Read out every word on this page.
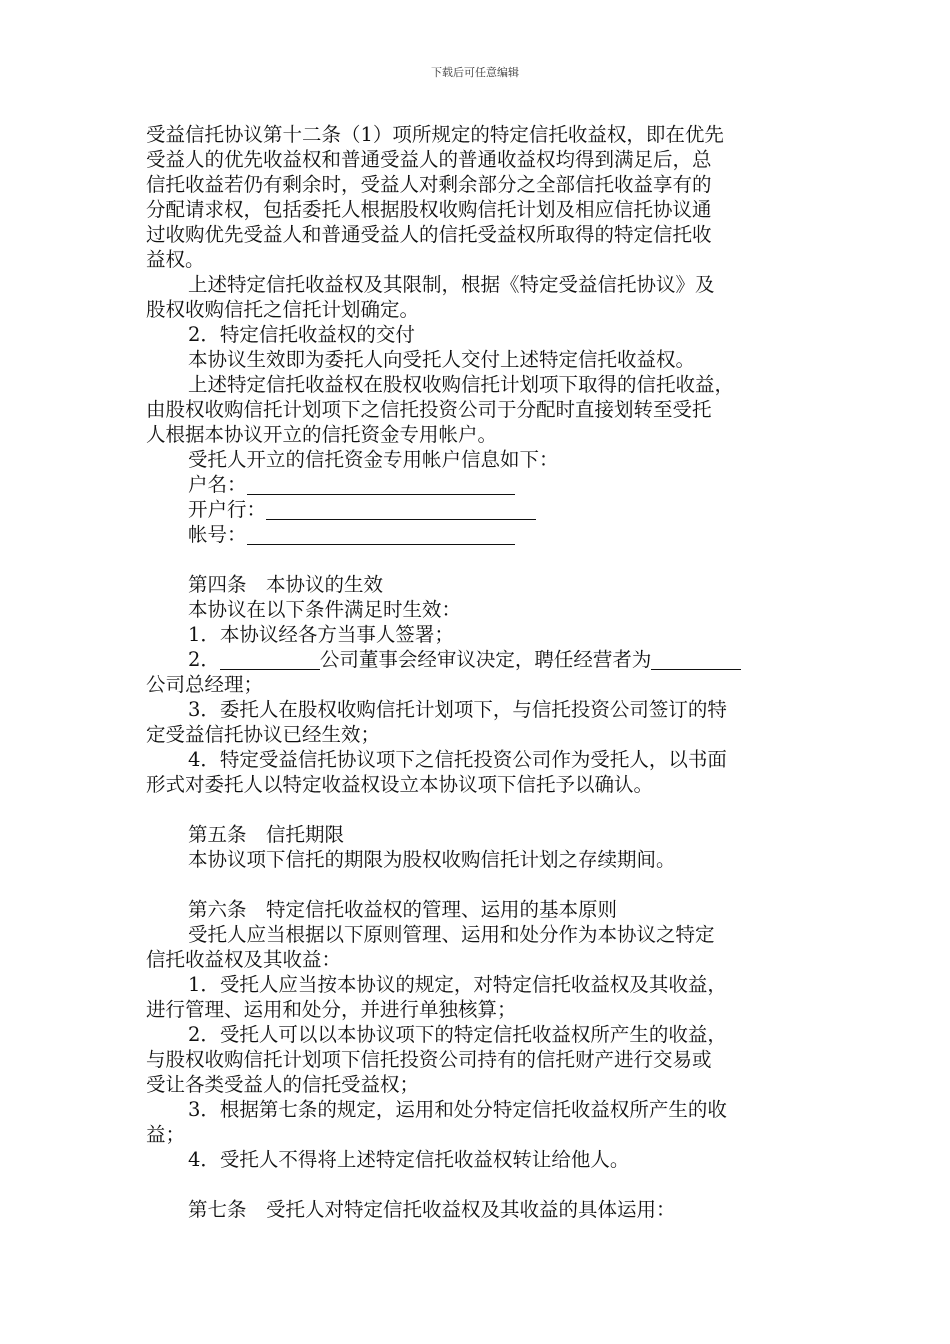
下载后可任意编辑
受益信托协议第十二条（1）项所规定的特定信托收益权，即在优先
受益人的优先收益权和普通受益人的普通收益权均得到满足后，总
信托收益若仍有剩余时，受益人对剩余部分之全部信托收益享有的
分配请求权，包括委托人根据股权收购信托计划及相应信托协议通
过收购优先受益人和普通受益人的信托受益权所取得的特定信托收
益权。
上述特定信托收益权及其限制，根据《特定受益信托协议》及
股权收购信托之信托计划确定。
2．特定信托收益权的交付
本协议生效即为委托人向受托人交付上述特定信托收益权。
上述特定信托收益权在股权收购信托计划项下取得的信托收益，
由股权收购信托计划项下之信托投资公司于分配时直接划转至受托
人根据本协议开立的信托资金专用帐户。
受托人开立的信托资金专用帐户信息如下：
户名：
开户行：
帐号：
第四条　本协议的生效
本协议在以下条件满足时生效：
1．本协议经各方当事人签署；
2．	公司董事会经审议决定，聘任经营者为
公司总经理；
3．委托人在股权收购信托计划项下，与信托投资公司签订的特
定受益信托协议已经生效；
4．特定受益信托协议项下之信托投资公司作为受托人，以书面
形式对委托人以特定收益权设立本协议项下信托予以确认。
第五条　信托期限
本协议项下信托的期限为股权收购信托计划之存续期间。
第六条　特定信托收益权的管理、运用的基本原则
受托人应当根据以下原则管理、运用和处分作为本协议之特定
信托收益权及其收益：
1．受托人应当按本协议的规定，对特定信托收益权及其收益，
进行管理、运用和处分，并进行单独核算；
2．受托人可以以本协议项下的特定信托收益权所产生的收益，
与股权收购信托计划项下信托投资公司持有的信托财产进行交易或
受让各类受益人的信托受益权；
3．根据第七条的规定，运用和处分特定信托收益权所产生的收
益；
4．受托人不得将上述特定信托收益权转让给他人。
第七条　受托人对特定信托收益权及其收益的具体运用：
